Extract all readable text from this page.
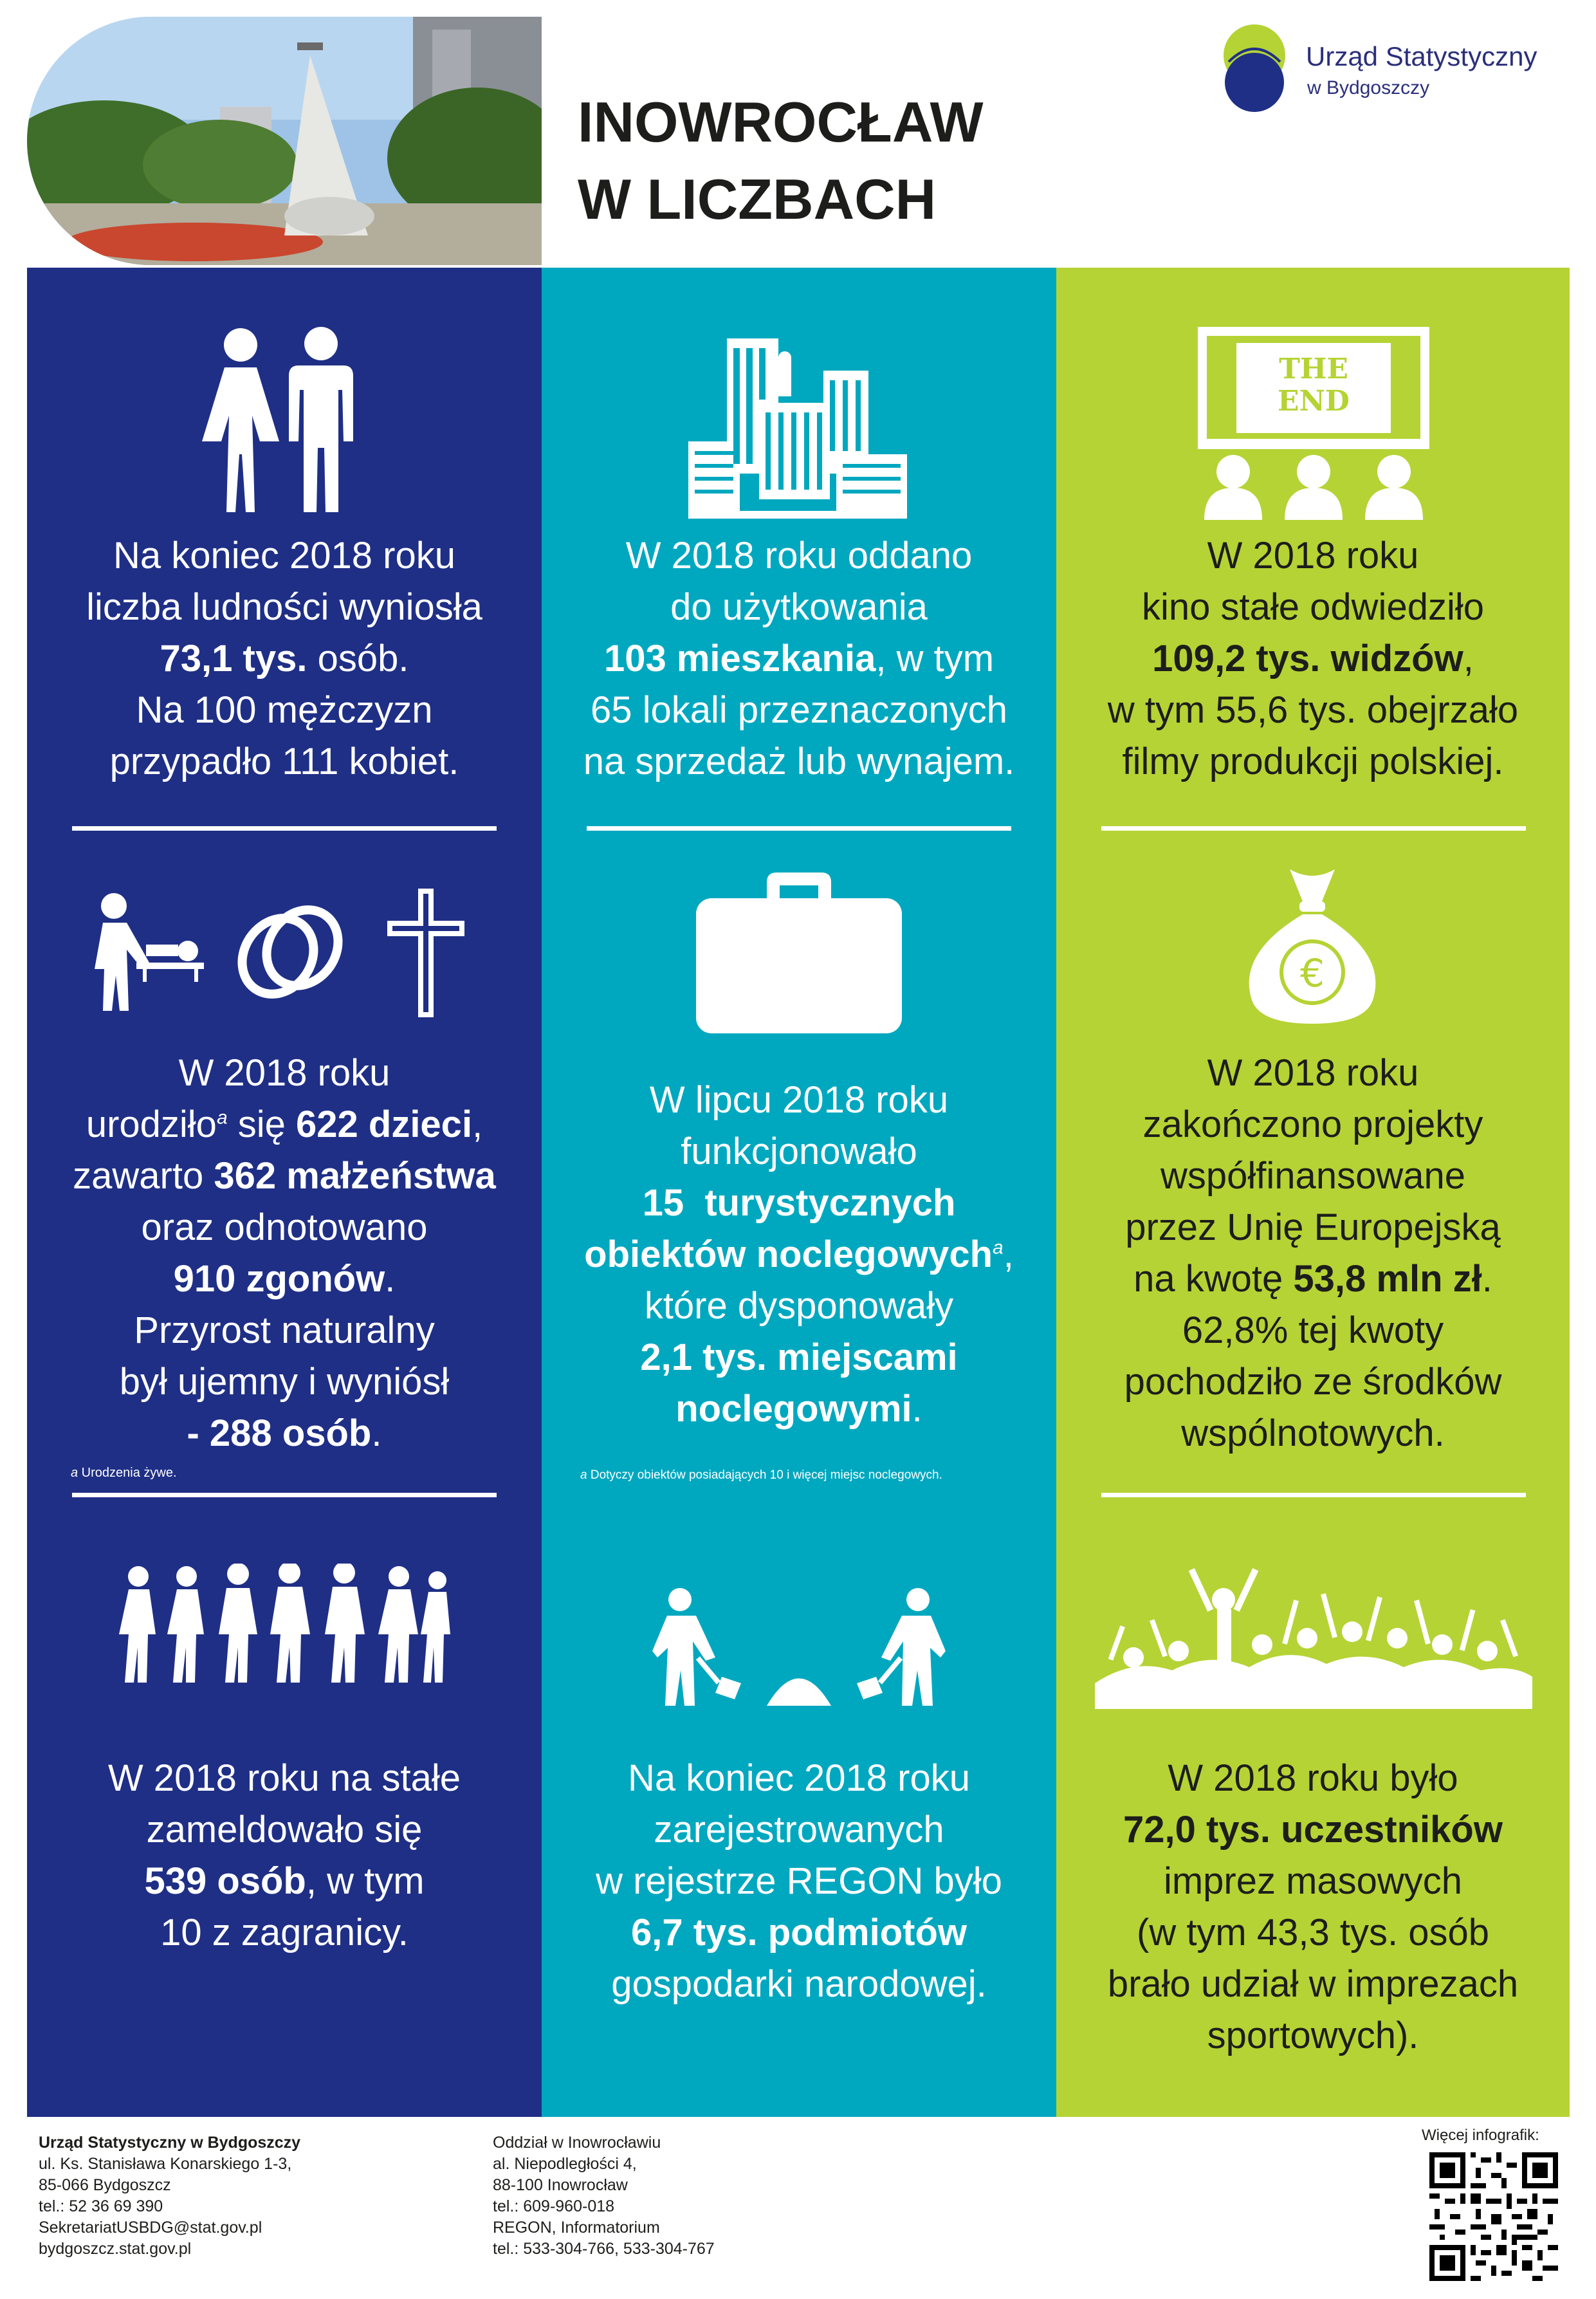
INOWROCŁAW
W LICZBACH
Urząd Statystyczny
w Bydgoszczy
Na koniec 2018 roku
liczba ludności wyniosła
73,1 tys. osób.
Na 100 mężczyzn
przypadło 111 kobiet.
W 2018 roku
urodziło$^a$ się 622 dzieci,
zawarto 362 małżeństwa
oraz odnotowano
910 zgonów.
Przyrost naturalny
był ujemny i wyniósł
- 288 osób.
a Urodzenia żywe.
W 2018 roku na stałe
zameldowało się
539 osób, w tym
10 z zagranicy.
W 2018 roku oddano
do użytkowania
103 mieszkania, w tym
65 lokali przeznaczonych
na sprzedaż lub wynajem.
W lipcu 2018 roku
funkcjonowało
15  turystycznych
obiektów noclegowych$^a$,
które dysponowały
2,1 tys. miejscami
noclegowymi.
a Dotyczy obiektów posiadających 10 i więcej miejsc noclegowych.
Na koniec 2018 roku
zarejestrowanych
w rejestrze REGON było
6,7 tys. podmiotów
gospodarki narodowej.
THE
END
W 2018 roku
kino stałe odwiedziło
109,2 tys. widzów,
w tym 55,6 tys. obejrzało
filmy produkcji polskiej.
€
W 2018 roku
zakończono projekty
współfinansowane
przez Unię Europejską
na kwotę 53,8 mln zł.
62,8% tej kwoty
pochodziło ze środków
wspólnotowych.
W 2018 roku było
72,0 tys. uczestników
imprez masowych
(w tym 43,3 tys. osób
brało udział w imprezach
sportowych).
Urząd Statystyczny w Bydgoszczy
ul. Ks. Stanisława Konarskiego 1-3,
85-066 Bydgoszcz
tel.: 52 36 69 390
SekretariatUSBDG@stat.gov.pl
bydgoszcz.stat.gov.pl
Oddział w Inowrocławiu
al. Niepodległości 4,
88-100 Inowrocław
tel.: 609-960-018
REGON, Informatorium
tel.: 533-304-766, 533-304-767
Więcej infografik:
